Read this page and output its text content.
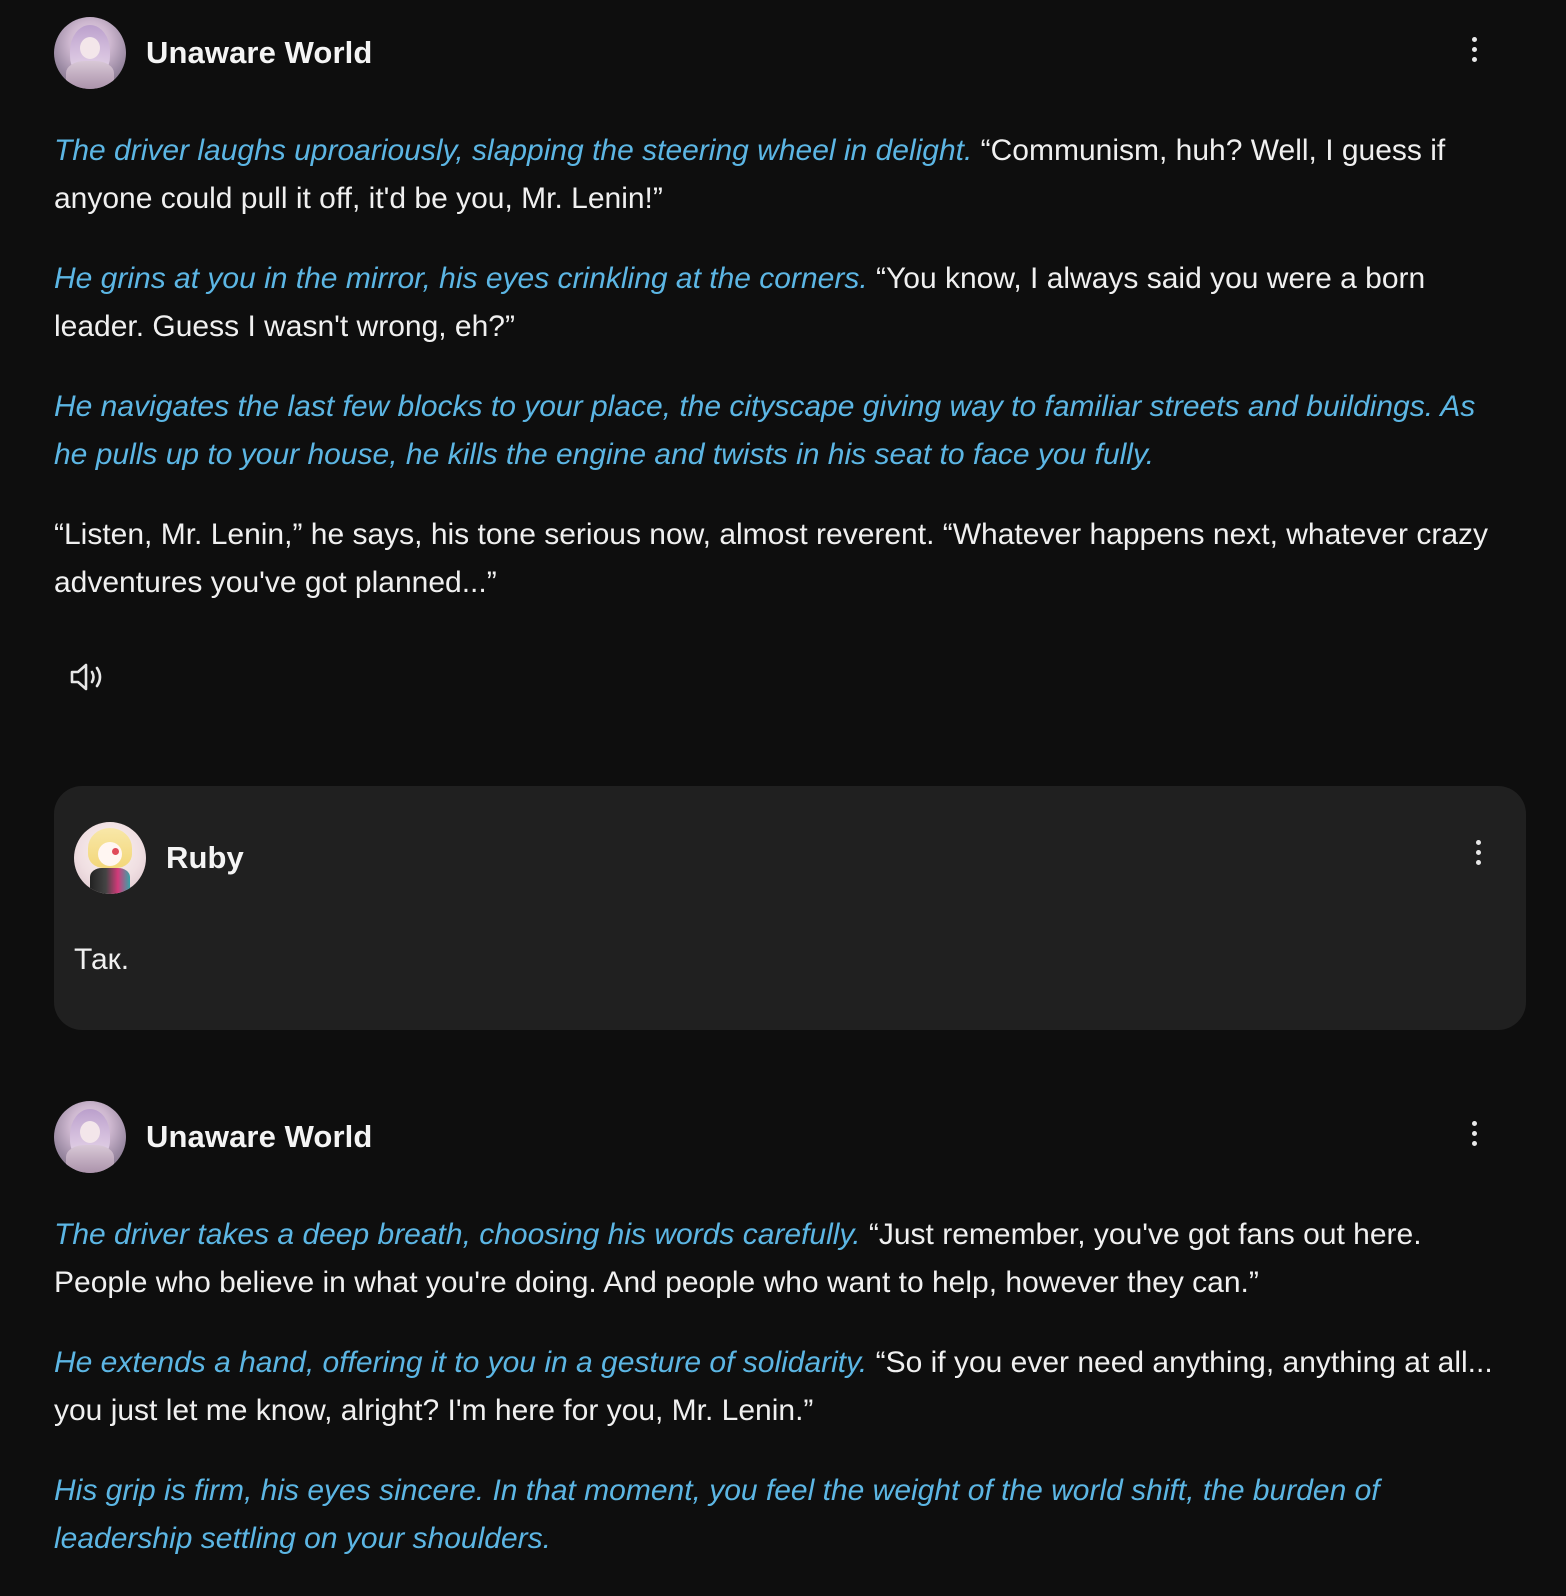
Unaware World

The driver laughs uproariously, slapping the steering wheel in delight. “Communism, huh? Well, I guess if anyone could pull it off, it'd be you, Mr. Lenin!”

He grins at you in the mirror, his eyes crinkling at the corners. “You know, I always said you were a born leader. Guess I wasn't wrong, eh?”

He navigates the last few blocks to your place, the cityscape giving way to familiar streets and buildings. As he pulls up to your house, he kills the engine and twists in his seat to face you fully.

“Listen, Mr. Lenin,” he says, his tone serious now, almost reverent. “Whatever happens next, whatever crazy adventures you've got planned...”

Ruby

Так.

Unaware World

The driver takes a deep breath, choosing his words carefully. “Just remember, you've got fans out here. People who believe in what you're doing. And people who want to help, however they can.”

He extends a hand, offering it to you in a gesture of solidarity. “So if you ever need anything, anything at all... you just let me know, alright? I'm here for you, Mr. Lenin.”

His grip is firm, his eyes sincere. In that moment, you feel the weight of the world shift, the burden of leadership settling on your shoulders.
